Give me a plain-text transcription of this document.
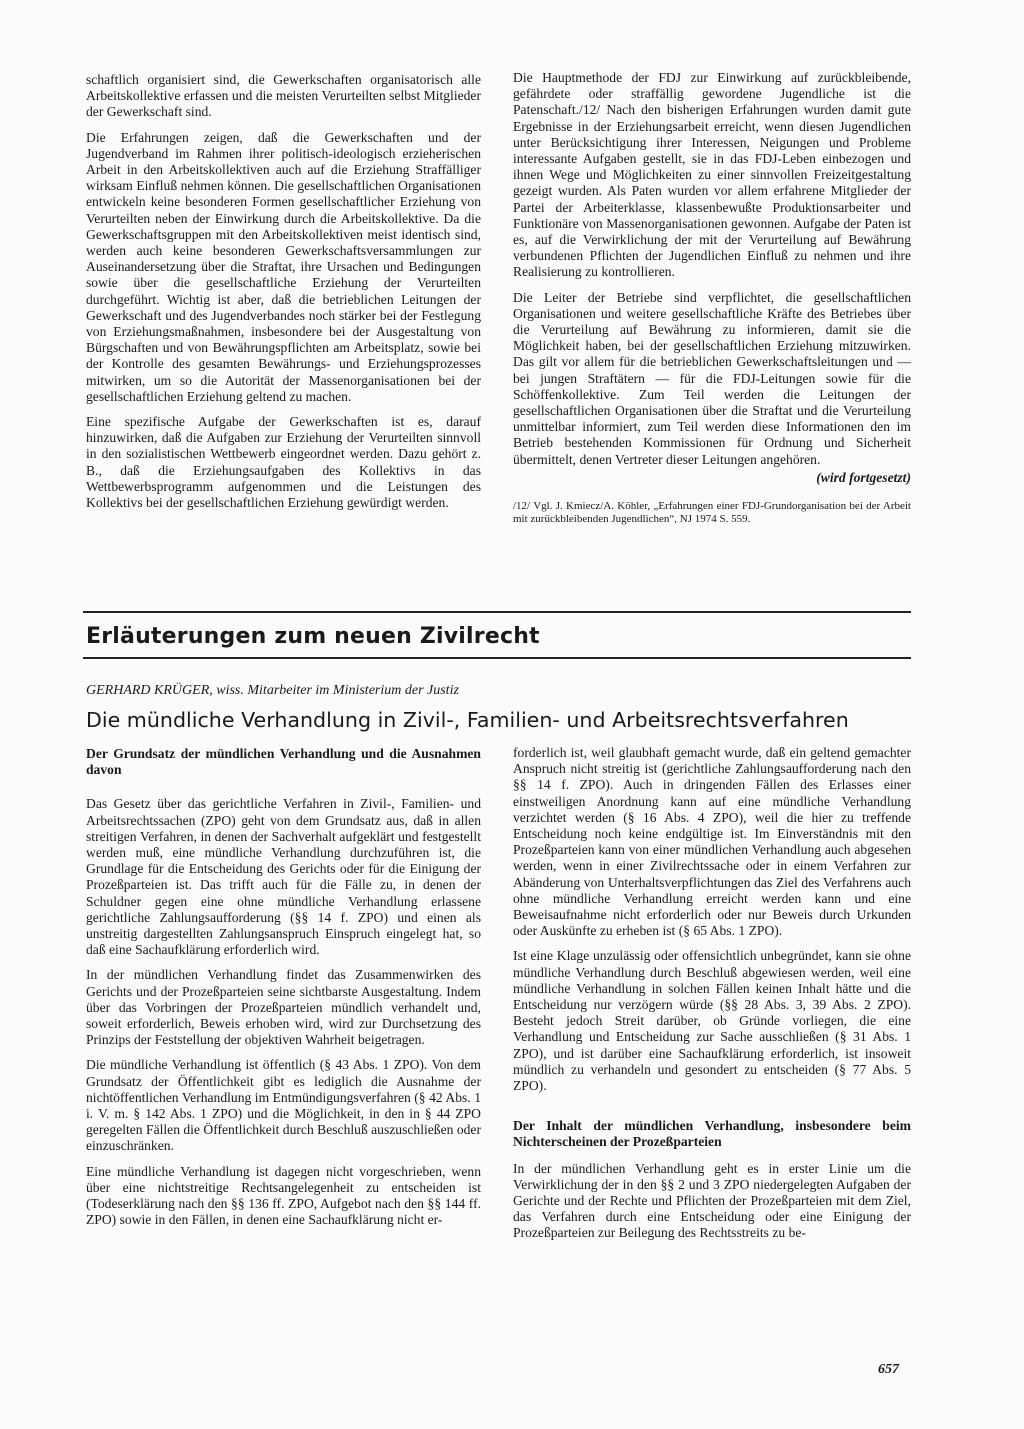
schaftlich organisiert sind, die Gewerkschaften organisatorisch alle Arbeitskollektive erfassen und die meisten Verurteilten selbst Mitglieder der Gewerkschaft sind.

Die Erfahrungen zeigen, daß die Gewerkschaften und der Jugendverband im Rahmen ihrer politisch-ideologisch erzieherischen Arbeit in den Arbeitskollektiven auch auf die Erziehung Straffälliger wirksam Einfluß nehmen können. Die gesellschaftlichen Organisationen entwickeln keine besonderen Formen gesellschaftlicher Erziehung von Verurteilten neben der Einwirkung durch die Arbeitskollektive. Da die Gewerkschaftsgruppen mit den Arbeitskollektiven meist identisch sind, werden auch keine besonderen Gewerkschaftsversammlungen zur Auseinandersetzung über die Straftat, ihre Ursachen und Bedingungen sowie über die gesellschaftliche Erziehung der Verurteilten durchgeführt. Wichtig ist aber, daß die betrieblichen Leitungen der Gewerkschaft und des Jugendverbandes noch stärker bei der Festlegung von Erziehungsmaßnahmen, insbesondere bei der Ausgestaltung von Bürgschaften und von Bewährungspflichten am Arbeitsplatz, sowie bei der Kontrolle des gesamten Bewährungs- und Erziehungsprozesses mitwirken, um so die Autorität der Massenorganisationen bei der gesellschaftlichen Erziehung geltend zu machen.

Eine spezifische Aufgabe der Gewerkschaften ist es, darauf hinzuwirken, daß die Aufgaben zur Erziehung der Verurteilten sinnvoll in den sozialistischen Wettbewerb eingeordnet werden. Dazu gehört z. B., daß die Erziehungsaufgaben des Kollektivs in das Wettbewerbsprogramm aufgenommen und die Leistungen des Kollektivs bei der gesellschaftlichen Erziehung gewürdigt werden.

Die Hauptmethode der FDJ zur Einwirkung auf zurückbleibende, gefährdete oder straffällig gewordene Jugendliche ist die Patenschaft./12/ Nach den bisherigen Erfahrungen wurden damit gute Ergebnisse in der Erziehungsarbeit erreicht, wenn diesen Jugendlichen unter Berücksichtigung ihrer Interessen, Neigungen und Probleme interessante Aufgaben gestellt, sie in das FDJ-Leben einbezogen und ihnen Wege und Möglichkeiten zu einer sinnvollen Freizeitgestaltung gezeigt wurden. Als Paten wurden vor allem erfahrene Mitglieder der Partei der Arbeiterklasse, klassenbewußte Produktionsarbeiter und Funktionäre von Massenorganisationen gewonnen. Aufgabe der Paten ist es, auf die Verwirklichung der mit der Verurteilung auf Bewährung verbundenen Pflichten der Jugendlichen Einfluß zu nehmen und ihre Realisierung zu kontrollieren.

Die Leiter der Betriebe sind verpflichtet, die gesellschaftlichen Organisationen und weitere gesellschaftliche Kräfte des Betriebes über die Verurteilung auf Bewährung zu informieren, damit sie die Möglichkeit haben, bei der gesellschaftlichen Erziehung mitzuwirken. Das gilt vor allem für die betrieblichen Gewerkschaftsleitungen und — bei jungen Straftätern — für die FDJ-Leitungen sowie für die Schöffenkollektive. Zum Teil werden die Leitungen der gesellschaftlichen Organisationen über die Straftat und die Verurteilung unmittelbar informiert, zum Teil werden diese Informationen den im Betrieb bestehenden Kommissionen für Ordnung und Sicherheit übermittelt, denen Vertreter dieser Leitungen angehören.

(wird fortgesetzt)

/12/ Vgl. J. Kmiecz/A. Köhler, „Erfahrungen einer FDJ-Grundorganisation bei der Arbeit mit zurückbleibenden Jugendlichen“, NJ 1974 S. 559.

Erläuterungen zum neuen Zivilrecht

GERHARD KRÜGER, wiss. Mitarbeiter im Ministerium der Justiz

Die mündliche Verhandlung in Zivil-, Familien- und Arbeitsrechtsverfahren
Der Grundsatz der mündlichen Verhandlung und die Ausnahmen davon

Das Gesetz über das gerichtliche Verfahren in Zivil-, Familien- und Arbeitsrechtssachen (ZPO) geht von dem Grundsatz aus, daß in allen streitigen Verfahren, in denen der Sachverhalt aufgeklärt und festgestellt werden muß, eine mündliche Verhandlung durchzuführen ist, die Grundlage für die Entscheidung des Gerichts oder für die Einigung der Prozeßparteien ist. Das trifft auch für die Fälle zu, in denen der Schuldner gegen eine ohne mündliche Verhandlung erlassene gerichtliche Zahlungsaufforderung (§§ 14 f. ZPO) und einen als unstreitig dargestellten Zahlungsanspruch Einspruch eingelegt hat, so daß eine Sachaufklärung erforderlich wird.

In der mündlichen Verhandlung findet das Zusammenwirken des Gerichts und der Prozeßparteien seine sichtbarste Ausgestaltung. Indem über das Vorbringen der Prozeßparteien mündlich verhandelt und, soweit erforderlich, Beweis erhoben wird, wird zur Durchsetzung des Prinzips der Feststellung der objektiven Wahrheit beigetragen.

Die mündliche Verhandlung ist öffentlich (§ 43 Abs. 1 ZPO). Von dem Grundsatz der Öffentlichkeit gibt es lediglich die Ausnahme der nichtöffentlichen Verhandlung im Entmündigungsverfahren (§ 42 Abs. 1 i. V. m. § 142 Abs. 1 ZPO) und die Möglichkeit, in den in § 44 ZPO geregelten Fällen die Öffentlichkeit durch Beschluß auszuschließen oder einzuschränken.

Eine mündliche Verhandlung ist dagegen nicht vorgeschrieben, wenn über eine nichtstreitige Rechtsangelegenheit zu entscheiden ist (Todeserklärung nach den §§ 136 ff. ZPO, Aufgebot nach den §§ 144 ff. ZPO) sowie in den Fällen, in denen eine Sachaufklärung nicht er-

forderlich ist, weil glaubhaft gemacht wurde, daß ein geltend gemachter Anspruch nicht streitig ist (gerichtliche Zahlungsaufforderung nach den §§ 14 f. ZPO). Auch in dringenden Fällen des Erlasses einer einstweiligen Anordnung kann auf eine mündliche Verhandlung verzichtet werden (§ 16 Abs. 4 ZPO), weil die hier zu treffende Entscheidung noch keine endgültige ist. Im Einverständnis mit den Prozeßparteien kann von einer mündlichen Verhandlung auch abgesehen werden, wenn in einer Zivilrechtssache oder in einem Verfahren zur Abänderung von Unterhaltsverpflichtungen das Ziel des Verfahrens auch ohne mündliche Verhandlung erreicht werden kann und eine Beweisaufnahme nicht erforderlich oder nur Beweis durch Urkunden oder Auskünfte zu erheben ist (§ 65 Abs. 1 ZPO).

Ist eine Klage unzulässig oder offensichtlich unbegründet, kann sie ohne mündliche Verhandlung durch Beschluß abgewiesen werden, weil eine mündliche Verhandlung in solchen Fällen keinen Inhalt hätte und die Entscheidung nur verzögern würde (§§ 28 Abs. 3, 39 Abs. 2 ZPO). Besteht jedoch Streit darüber, ob Gründe vorliegen, die eine Verhandlung und Entscheidung zur Sache ausschließen (§ 31 Abs. 1 ZPO), und ist darüber eine Sachaufklärung erforderlich, ist insoweit mündlich zu verhandeln und gesondert zu entscheiden (§ 77 Abs. 5 ZPO).

Der Inhalt der mündlichen Verhandlung, insbesondere beim Nichterscheinen der Prozeßparteien

In der mündlichen Verhandlung geht es in erster Linie um die Verwirklichung der in den §§ 2 und 3 ZPO niedergelegten Aufgaben der Gerichte und der Rechte und Pflichten der Prozeßparteien mit dem Ziel, das Verfahren durch eine Entscheidung oder eine Einigung der Prozeßparteien zur Beilegung des Rechtsstreits zu be-

657
